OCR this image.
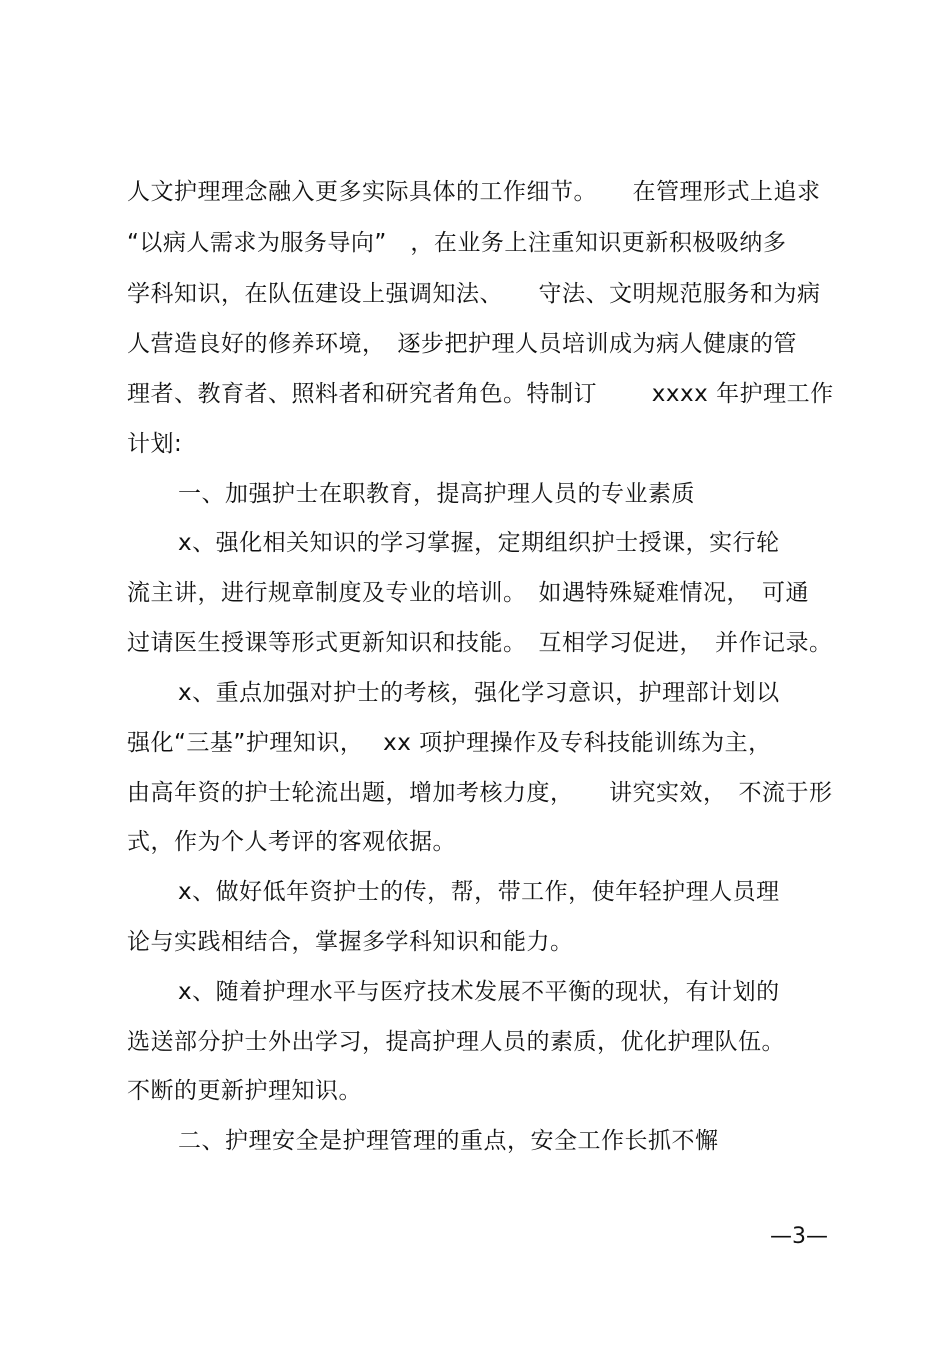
人文护理理念融入更多实际具体的工作细节。　　在管理形式上追求
“以病人需求为服务导向”　，在业务上注重知识更新积极吸纳多
学科知识，在队伍建设上强调知法、　　守法、文明规范服务和为病
人营造良好的修养环境，　逐步把护理人员培训成为病人健康的管
理者、教育者、照料者和研究者角色。特制订　　 xxxx 年护理工作
计划:
一、加强护士在职教育，提高护理人员的专业素质
x、强化相关知识的学习掌握，定期组织护士授课，实行轮
流主讲，进行规章制度及专业的培训。　如遇特殊疑难情况，　可通
过请医生授课等形式更新知识和技能。　互相学习促进，　并作记录。
x、重点加强对护士的考核，强化学习意识，护理部计划以
强化“三基”护理知识，　 xx 项护理操作及专科技能训练为主，
由高年资的护士轮流出题，增加考核力度，　　讲究实效，　不流于形
式，作为个人考评的客观依据。
x、做好低年资护士的传，帮，带工作，使年轻护理人员理
论与实践相结合，掌握多学科知识和能力。
x、随着护理水平与医疗技术发展不平衡的现状，有计划的
选送部分护士外出学习，提高护理人员的素质，优化护理队伍。
不断的更新护理知识。
二、护理安全是护理管理的重点，安全工作长抓不懈
—3—
